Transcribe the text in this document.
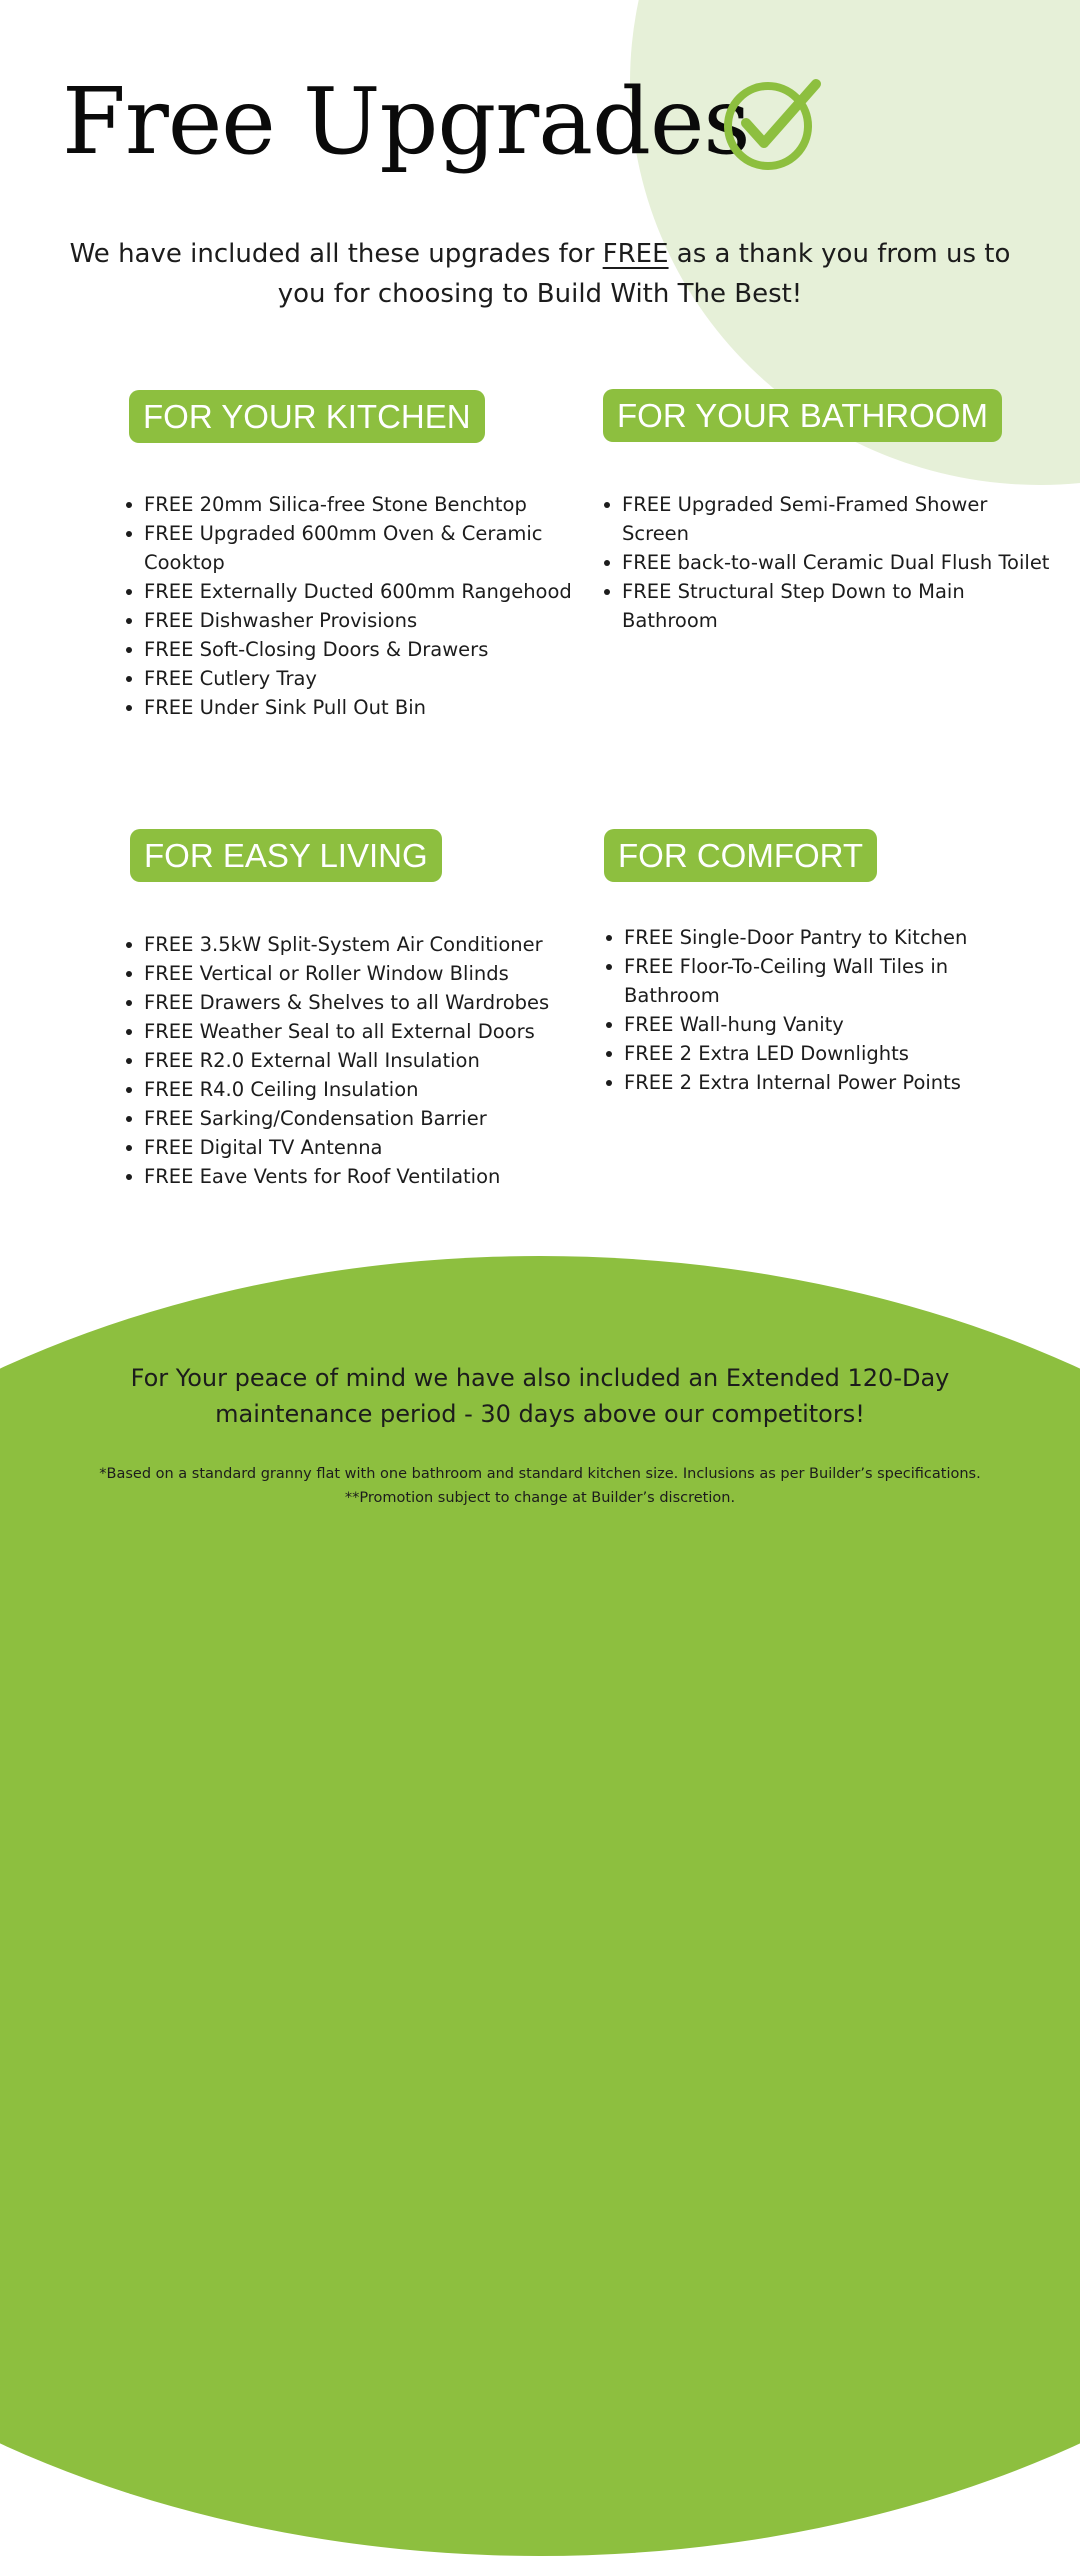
Free Upgrades

We have included all these upgrades for FREE as a thank you from us to
you for choosing to Build With The Best!

FOR YOUR KITCHEN
FREE 20mm Silica-free Stone Benchtop
FREE Upgraded 600mm Oven & Ceramic Cooktop
FREE Externally Ducted 600mm Rangehood
FREE Dishwasher Provisions
FREE Soft-Closing Doors & Drawers
FREE Cutlery Tray
FREE Under Sink Pull Out Bin
FOR YOUR BATHROOM
FREE Upgraded Semi-Framed Shower Screen
FREE back-to-wall Ceramic Dual Flush Toilet
FREE Structural Step Down to Main Bathroom
FOR EASY LIVING
FREE 3.5kW Split-System Air Conditioner
FREE Vertical or Roller Window Blinds
FREE Drawers & Shelves to all Wardrobes
FREE Weather Seal to all External Doors
FREE R2.0 External Wall Insulation
FREE R4.0 Ceiling Insulation
FREE Sarking/Condensation Barrier
FREE Digital TV Antenna
FREE Eave Vents for Roof Ventilation
FOR COMFORT
FREE Single-Door Pantry to Kitchen
FREE Floor-To-Ceiling Wall Tiles in Bathroom
FREE Wall-hung Vanity
FREE 2 Extra LED Downlights
FREE 2 Extra Internal Power Points

For Your peace of mind we have also included an Extended 120-Day
maintenance period - 30 days above our competitors!

*Based on a standard granny flat with one bathroom and standard kitchen size. Inclusions as per Builder’s specifications.
**Promotion subject to change at Builder’s discretion.
